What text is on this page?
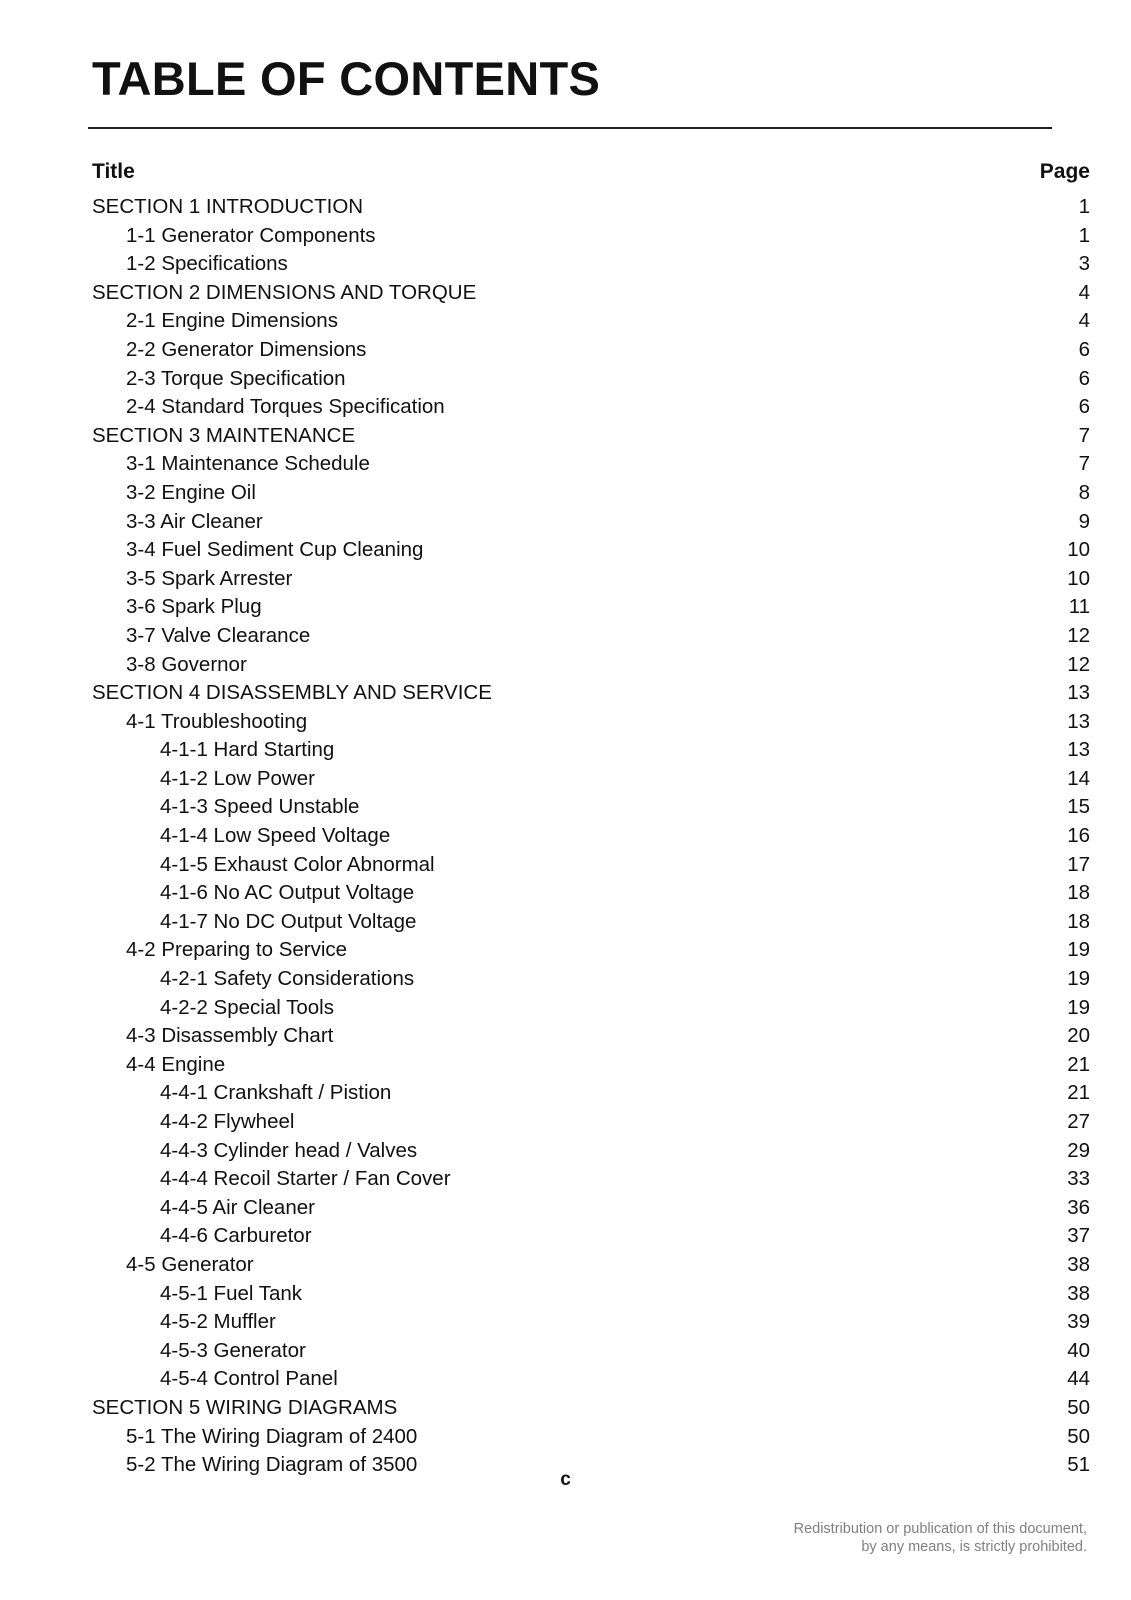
TABLE OF CONTENTS
Title	Page
SECTION 1 INTRODUCTION	1
1-1 Generator Components	1
1-2 Specifications	3
SECTION 2 DIMENSIONS AND TORQUE	4
2-1 Engine Dimensions	4
2-2 Generator Dimensions	6
2-3 Torque Specification	6
2-4 Standard Torques Specification	6
SECTION 3 MAINTENANCE	7
3-1 Maintenance Schedule	7
3-2 Engine Oil	8
3-3 Air Cleaner	9
3-4 Fuel Sediment Cup Cleaning	10
3-5 Spark Arrester	10
3-6 Spark Plug	11
3-7 Valve Clearance	12
3-8 Governor	12
SECTION 4 DISASSEMBLY AND SERVICE	13
4-1 Troubleshooting	13
4-1-1 Hard Starting	13
4-1-2 Low Power	14
4-1-3 Speed Unstable	15
4-1-4 Low Speed Voltage	16
4-1-5 Exhaust Color Abnormal	17
4-1-6 No AC Output Voltage	18
4-1-7 No DC Output Voltage	18
4-2 Preparing to Service	19
4-2-1 Safety Considerations	19
4-2-2 Special Tools	19
4-3 Disassembly Chart	20
4-4 Engine	21
4-4-1 Crankshaft / Pistion	21
4-4-2 Flywheel	27
4-4-3 Cylinder head / Valves	29
4-4-4 Recoil Starter / Fan Cover	33
4-4-5 Air Cleaner	36
4-4-6 Carburetor	37
4-5 Generator	38
4-5-1 Fuel Tank	38
4-5-2 Muffler	39
4-5-3 Generator	40
4-5-4 Control Panel	44
SECTION 5 WIRING DIAGRAMS	50
5-1 The Wiring Diagram of 2400	50
5-2 The Wiring Diagram of 3500	51
c
Redistribution or publication of this document,
by any means, is strictly prohibited.
